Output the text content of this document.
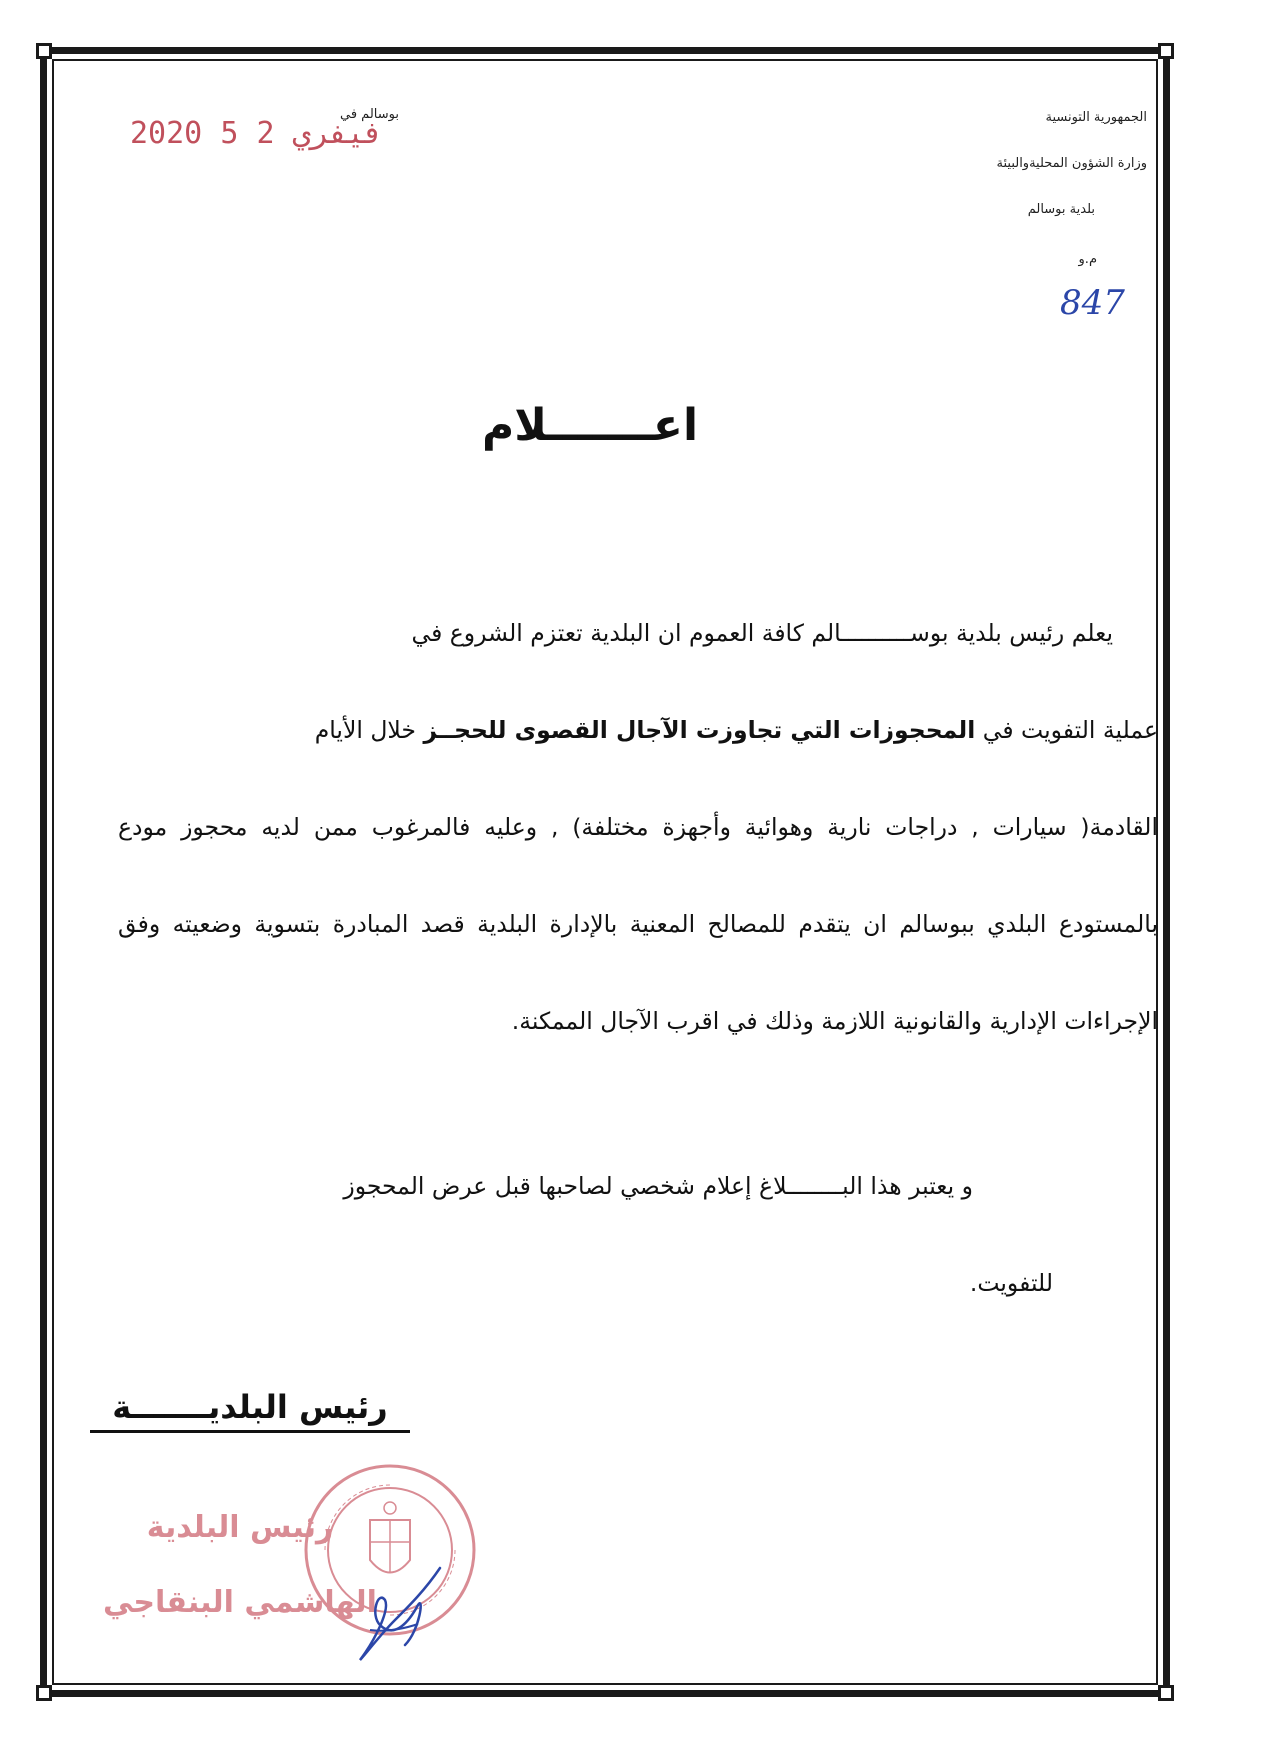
الجمهورية التونسية
وزارة الشؤون المحليةوالبيئة
بلدية بوسالم
م.و
847
بوسالم في
2020 فيفري 2 5
اعـــــــلام

يعلم رئيس بلدية بوســــــــــالم كافة العموم ان البلدية تعتزم الشروع في

عملية التفويت في المحجوزات التي تجاوزت الآجال القصوى للحجــز خلال الأيام

القادمة( سيارات , دراجات نارية وهوائية وأجهزة مختلفة) , وعليه فالمرغوب ممن لديه محجوز مودع بالمستودع البلدي ببوسالم ان يتقدم للمصالح المعنية بالإدارة البلدية قصد المبادرة بتسوية وضعيته وفق الإجراءات الإدارية والقانونية اللازمة وذلك في اقرب الآجال الممكنة.

و يعتبر هذا البــــــــلاغ إعلام شخصي لصاحبها قبل عرض المحجوز
للتفويت.
رئيس البلديـــــــة
رئيس البلدية
الهاشمي البنقاجي
